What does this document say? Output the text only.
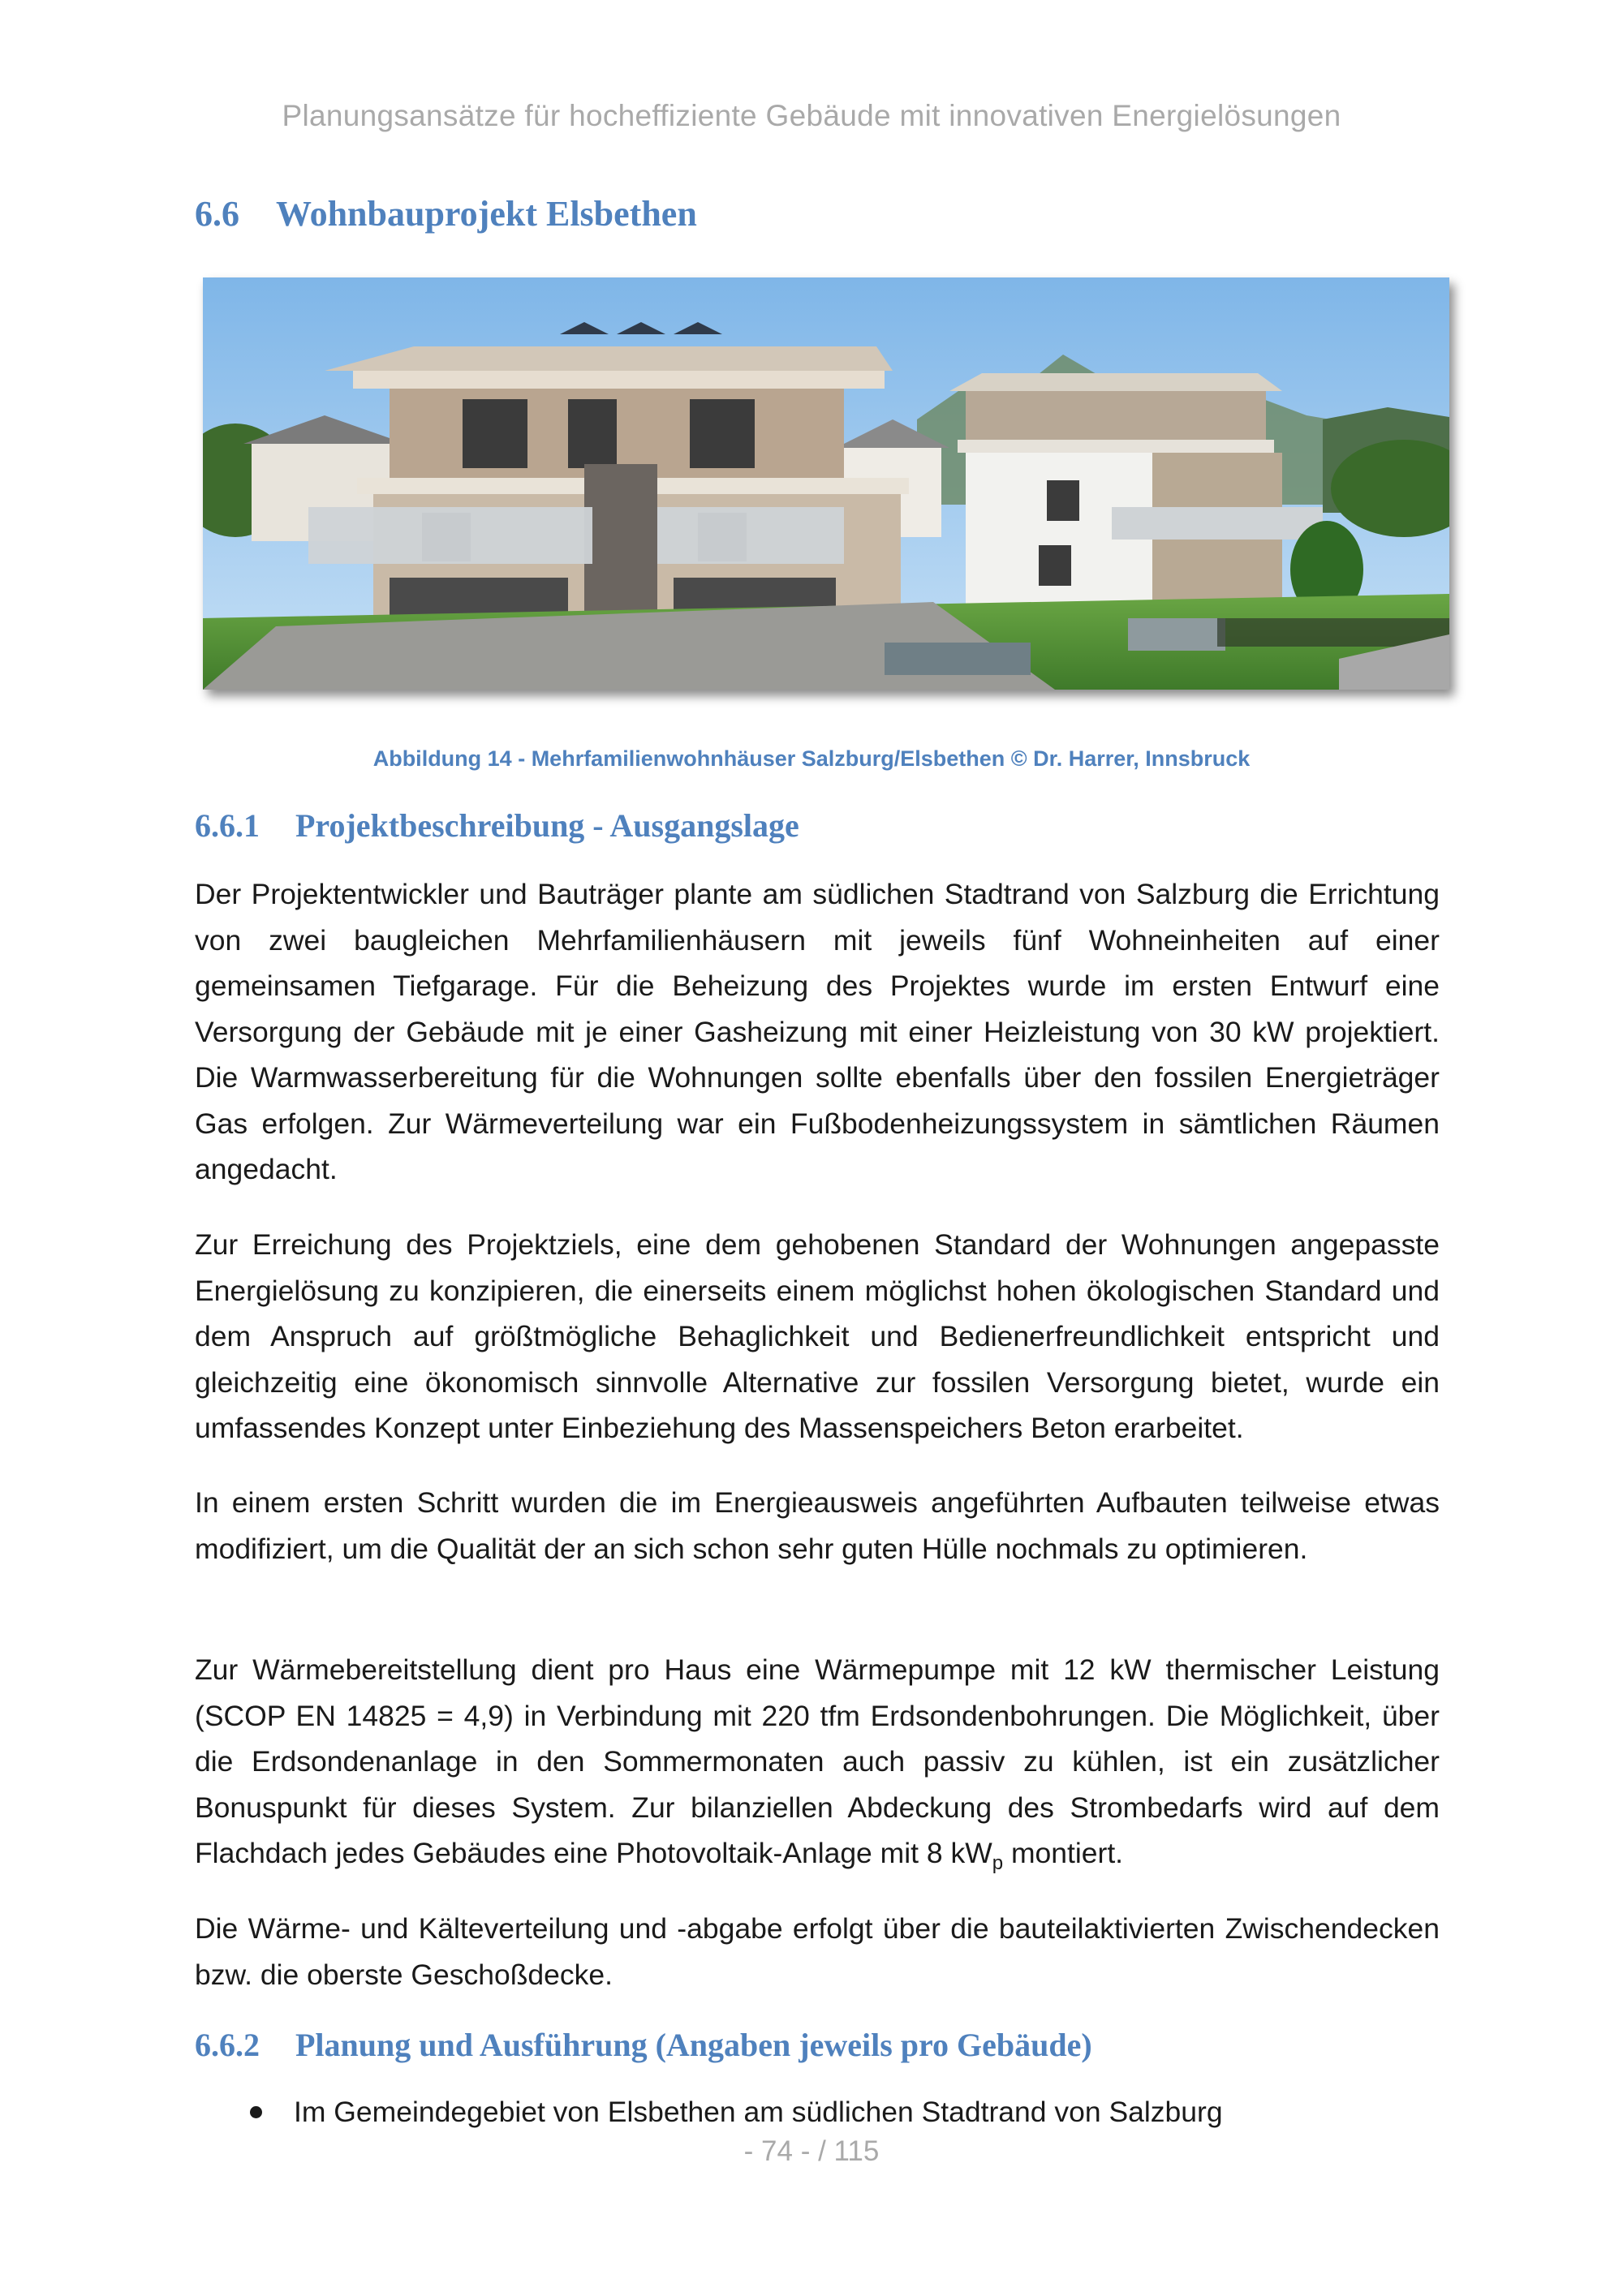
Planungsansätze für hocheffiziente Gebäude mit innovativen Energielösungen
6.6 Wohnbauprojekt Elsbethen
Abbildung 14 - Mehrfamilienwohnhäuser Salzburg/Elsbethen © Dr. Harrer, Innsbruck
6.6.1 Projektbeschreibung - Ausgangslage

Der Projektentwickler und Bauträger plante am südlichen Stadtrand von Salzburg die Errichtung von zwei baugleichen Mehrfamilienhäusern mit jeweils fünf Wohneinheiten auf einer gemeinsamen Tiefgarage. Für die Beheizung des Projektes wurde im ersten Entwurf eine Versorgung der Gebäude mit je einer Gasheizung mit einer Heizleistung von 30 kW projektiert. Die Warmwasserbereitung für die Wohnungen sollte ebenfalls über den fossilen Energieträger Gas erfolgen. Zur Wärmeverteilung war ein Fußbodenheizungssystem in sämtlichen Räumen angedacht.

Zur Erreichung des Projektziels, eine dem gehobenen Standard der Wohnungen angepasste Energielösung zu konzipieren, die einerseits einem möglichst hohen ökologischen Standard und dem Anspruch auf größtmögliche Behaglichkeit und Bedienerfreundlichkeit entspricht und gleichzeitig eine ökonomisch sinnvolle Alternative zur fossilen Versorgung bietet, wurde ein umfassendes Konzept unter Einbeziehung des Massenspeichers Beton erarbeitet.

In einem ersten Schritt wurden die im Energieausweis angeführten Aufbauten teilweise etwas modifiziert, um die Qualität der an sich schon sehr guten Hülle nochmals zu optimieren.

Zur Wärmebereitstellung dient pro Haus eine Wärmepumpe mit 12 kW thermischer Leistung (SCOP EN 14825 = 4,9) in Verbindung mit 220 tfm Erdsondenbohrungen. Die Möglichkeit, über die Erdsondenanlage in den Sommermonaten auch passiv zu kühlen, ist ein zusätzlicher Bonuspunkt für dieses System. Zur bilanziellen Abdeckung des Strombedarfs wird auf dem Flachdach jedes Gebäudes eine Photovoltaik-Anlage mit 8 $kW_p$ montiert.

Die Wärme- und Kälteverteilung und -abgabe erfolgt über die bauteilaktivierten Zwischendecken bzw. die oberste Geschoßdecke.

6.6.2 Planung und Ausführung (Angaben jeweils pro Gebäude)
Im Gemeindegebiet von Elsbethen am südlichen Stadtrand von Salzburg
- 74 - / 115
